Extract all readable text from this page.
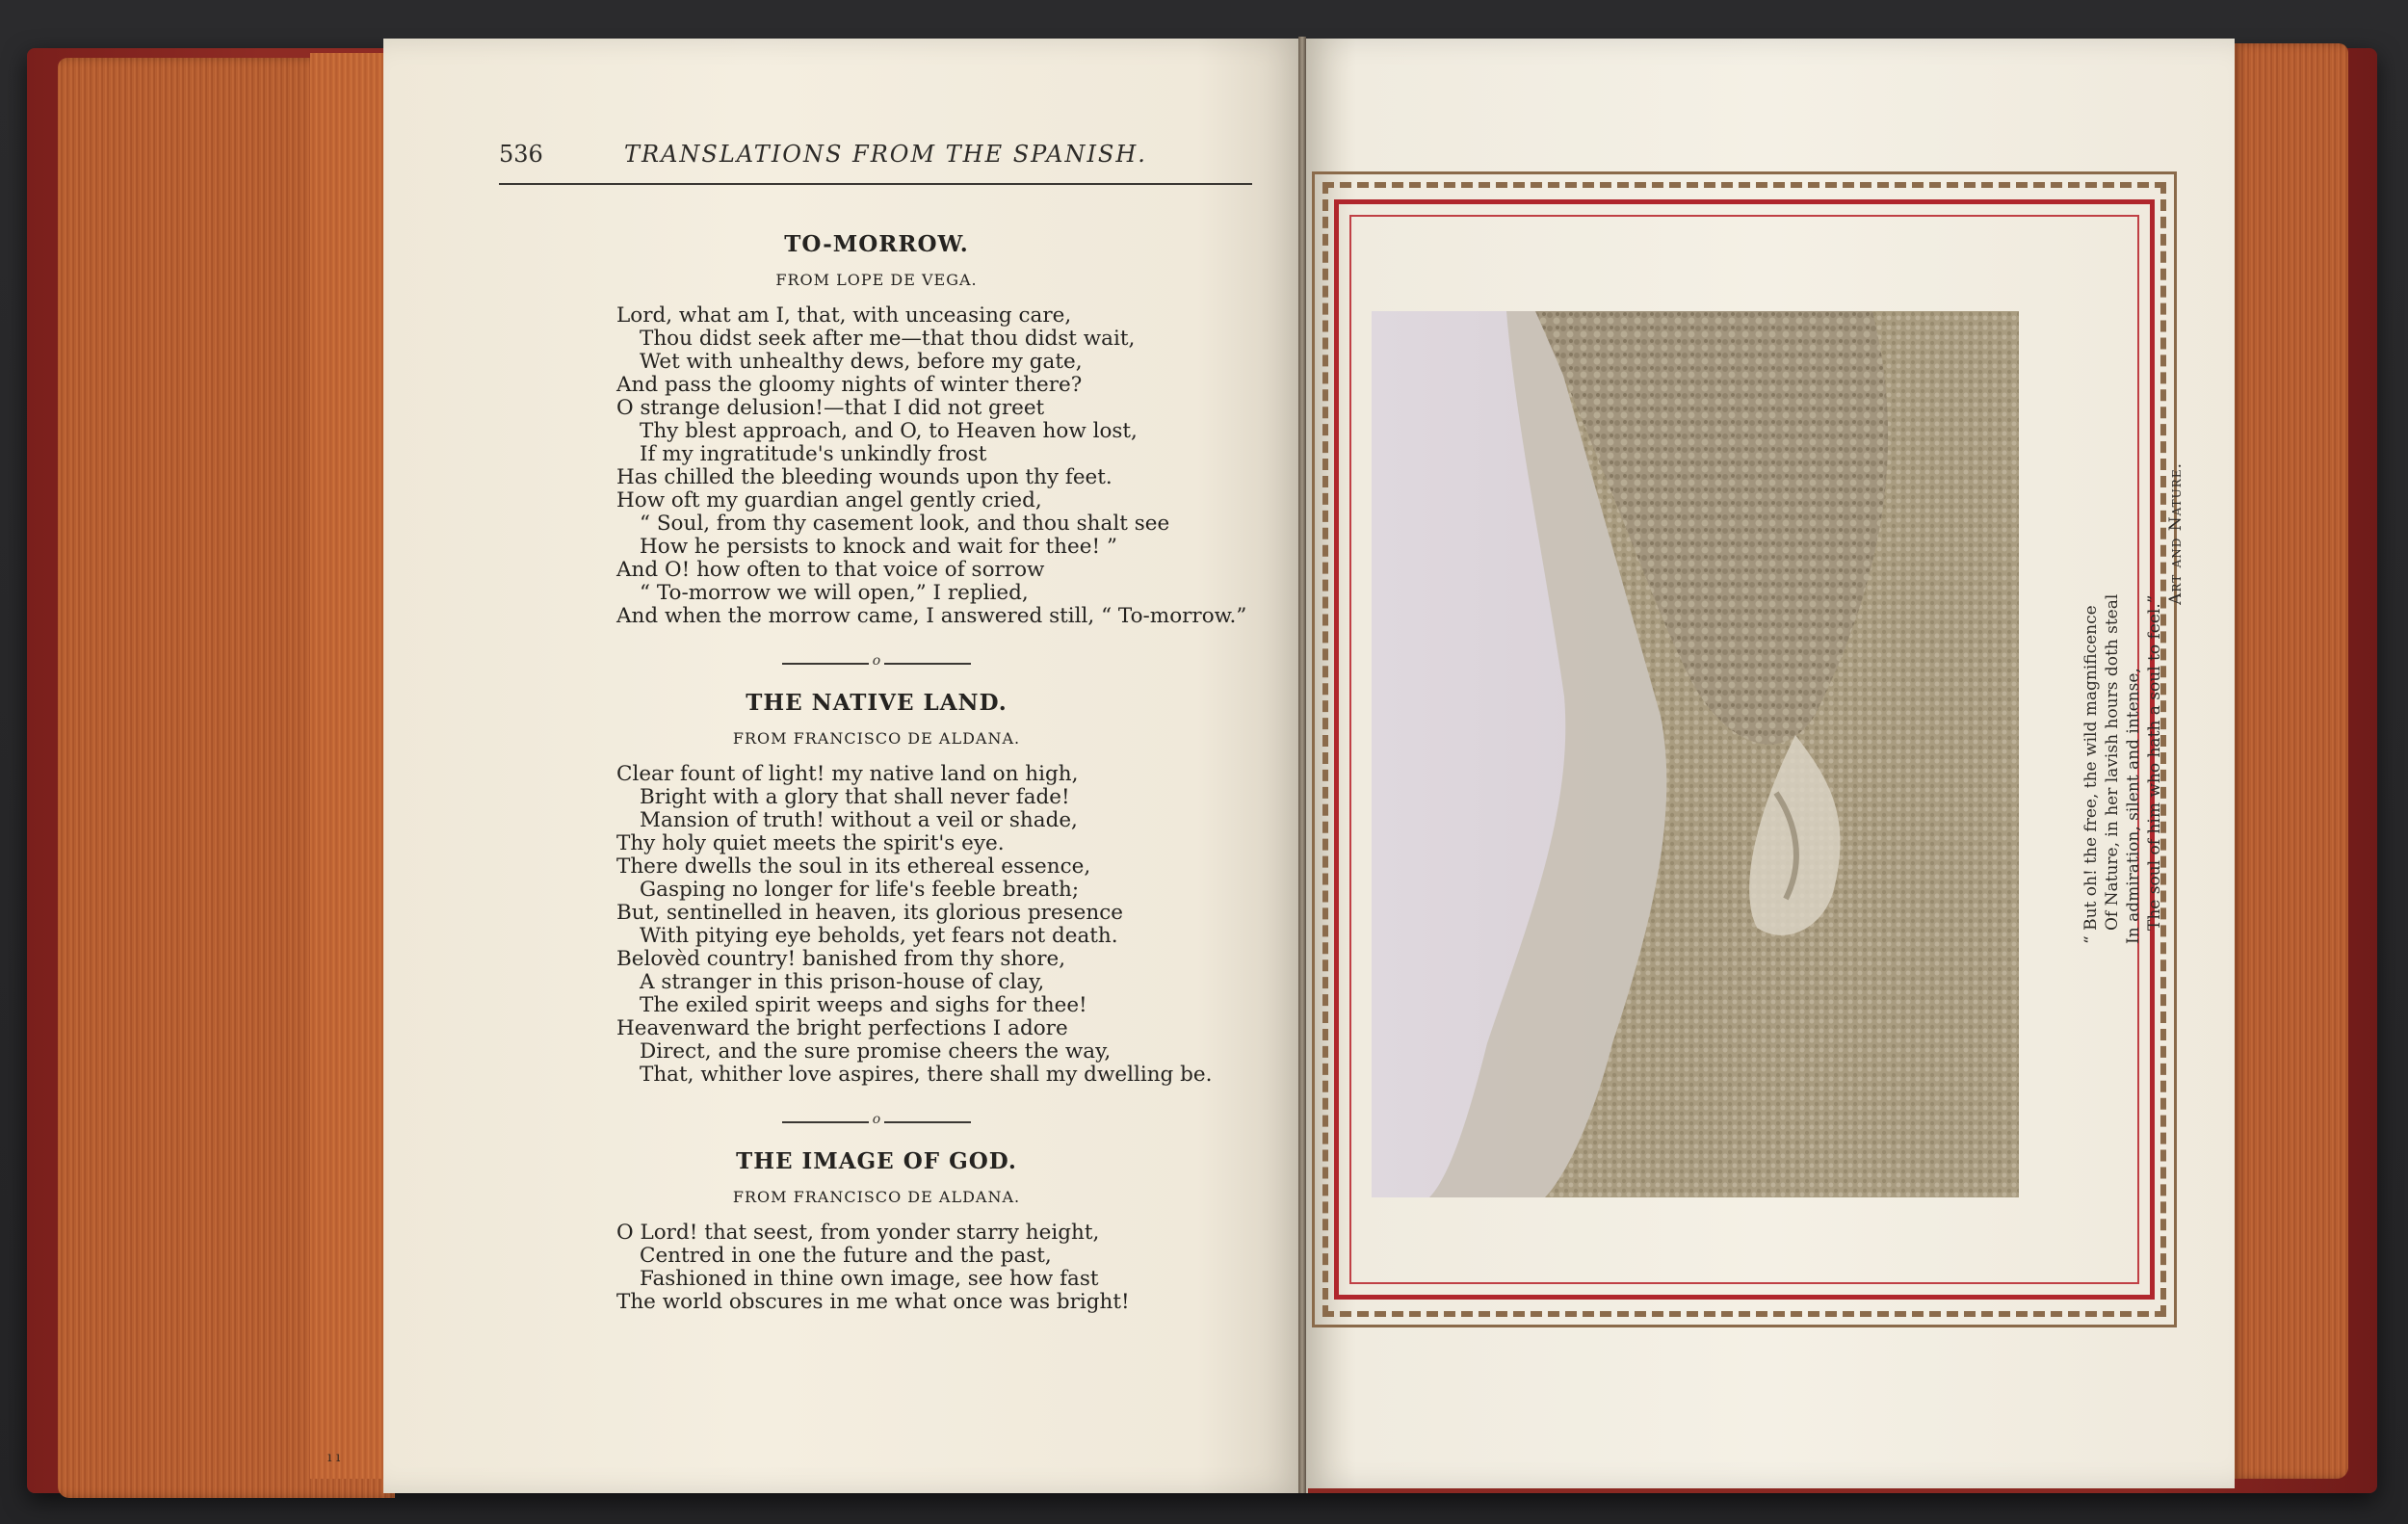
536	TRANSLATIONS FROM THE SPANISH.
TO-MORROW.
FROM LOPE DE VEGA.
Lord, what am I, that, with unceasing care,
Thou didst seek after me—that thou didst wait,
Wet with unhealthy dews, before my gate,
And pass the gloomy nights of winter there?
O strange delusion!—that I did not greet
Thy blest approach, and O, to Heaven how lost,
If my ingratitude's unkindly frost
Has chilled the bleeding wounds upon thy feet.
How oft my guardian angel gently cried,
“ Soul, from thy casement look, and thou shalt see
How he persists to knock and wait for thee! ”
And O! how often to that voice of sorrow
“ To-morrow we will open,” I replied,
And when the morrow came, I answered still, “ To-morrow.”
o
THE NATIVE LAND.
FROM FRANCISCO DE ALDANA.
Clear fount of light! my native land on high,
Bright with a glory that shall never fade!
Mansion of truth! without a veil or shade,
Thy holy quiet meets the spirit's eye.
There dwells the soul in its ethereal essence,
Gasping no longer for life's feeble breath;
But, sentinelled in heaven, its glorious presence
With pitying eye beholds, yet fears not death.
Belovèd country! banished from thy shore,
A stranger in this prison-house of clay,
The exiled spirit weeps and sighs for thee!
Heavenward the bright perfections I adore
Direct, and the sure promise cheers the way,
That, whither love aspires, there shall my dwelling be.
o
THE IMAGE OF GOD.
FROM FRANCISCO DE ALDANA.
O Lord! that seest, from yonder starry height,
Centred in one the future and the past,
Fashioned in thine own image, see how fast
The world obscures in me what once was bright!
“ But oh! the free, the wild magnificence Of Nature, in her lavish hours doth steal In admiration, silent and intense, The soul of him who hath a soul to feel.”
Art and Nature.
ı ı
